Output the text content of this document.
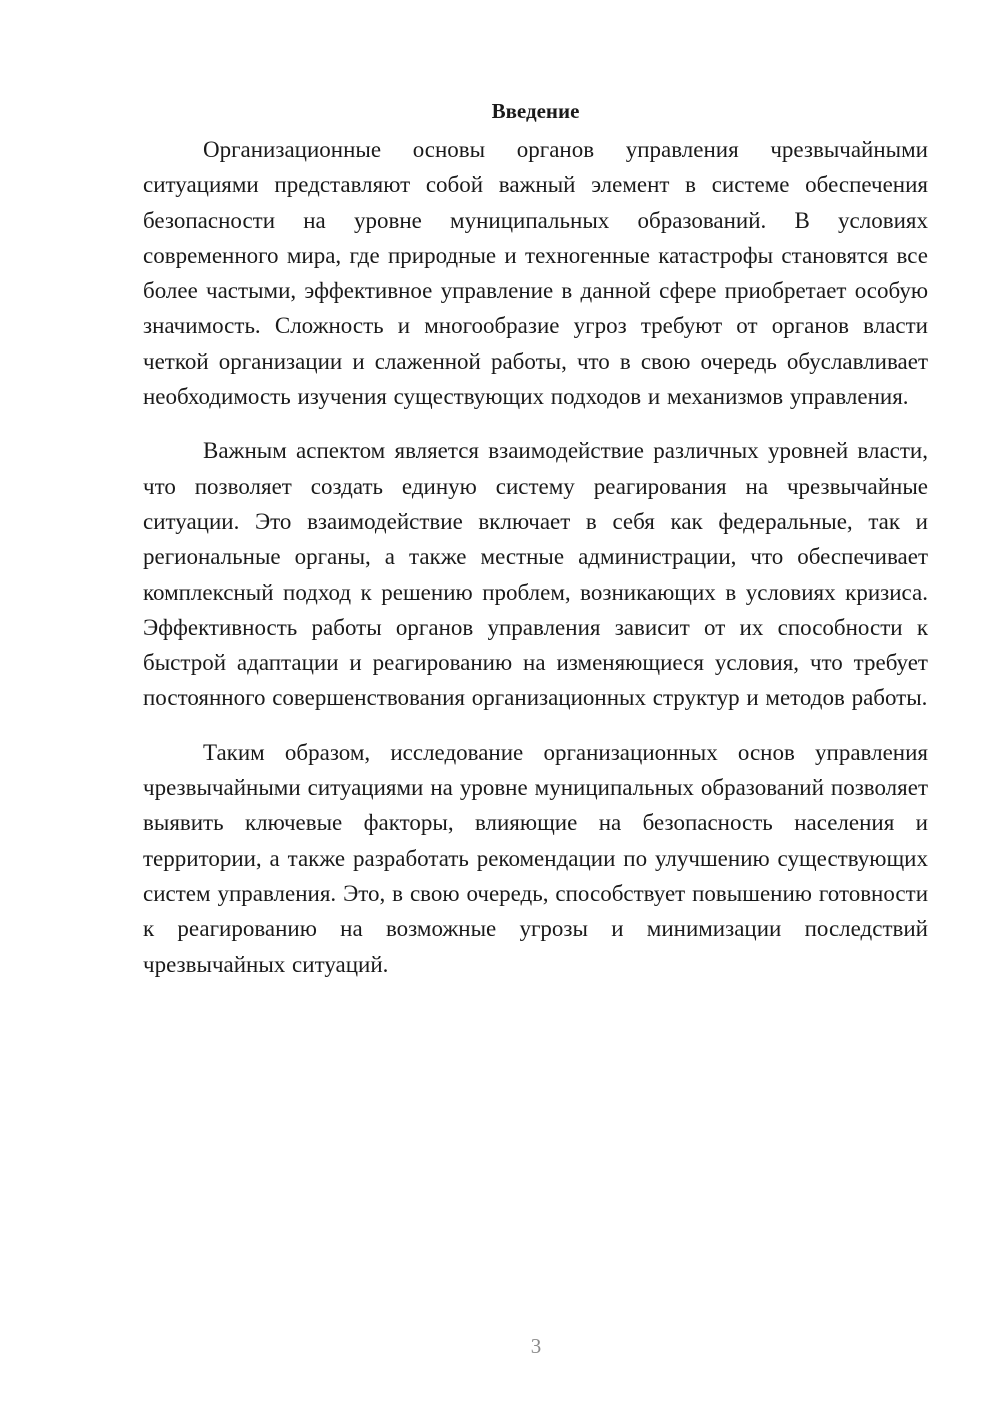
Введение

Организационные основы органов управления чрезвычайными ситуациями представляют собой важный элемент в системе обеспечения безопасности на уровне муниципальных образований. В условиях современного мира, где природные и техногенные катастрофы становятся все более частыми, эффективное управление в данной сфере приобретает особую значимость. Сложность и многообразие угроз требуют от органов власти четкой организации и слаженной работы, что в свою очередь обуславливает необходимость изучения существующих подходов и механизмов управления.

Важным аспектом является взаимодействие различных уровней власти, что позволяет создать единую систему реагирования на чрезвычайные ситуации. Это взаимодействие включает в себя как федеральные, так и региональные органы, а также местные администрации, что обеспечивает комплексный подход к решению проблем, возникающих в условиях кризиса. Эффективность работы органов управления зависит от их способности к быстрой адаптации и реагированию на изменяющиеся условия, что требует постоянного совершенствования организационных структур и методов работы.

Таким образом, исследование организационных основ управления чрезвычайными ситуациями на уровне муниципальных образований позволяет выявить ключевые факторы, влияющие на безопасность населения и территории, а также разработать рекомендации по улучшению существующих систем управления. Это, в свою очередь, способствует повышению готовности к реагированию на возможные угрозы и минимизации последствий чрезвычайных ситуаций.

3
